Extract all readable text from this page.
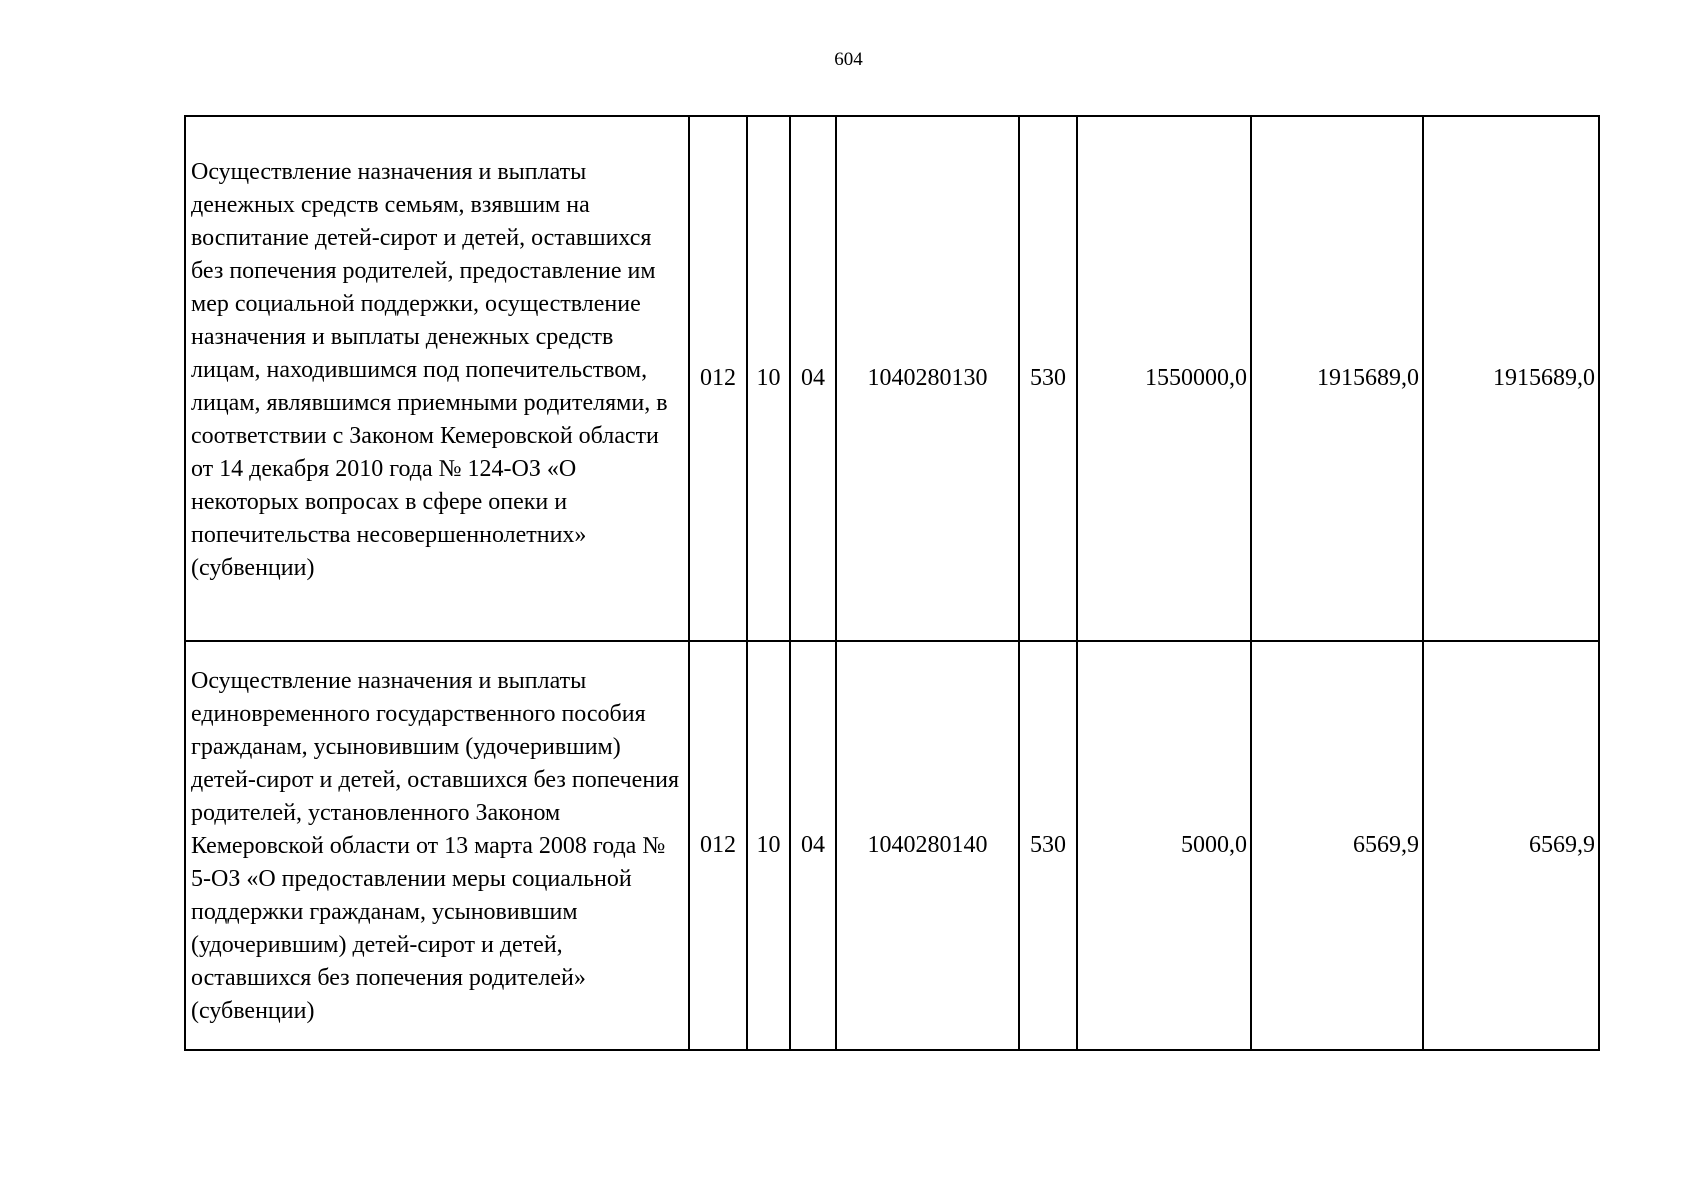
604
Осуществление назначения и выплаты денежных средств семьям, взявшим на воспитание детей-сирот и детей, оставшихся без попечения родителей, предоставление им мер социальной поддержки, осуществление назначения и выплаты денежных средств лицам, находившимся под попечительством, лицам, являвшимся приемными родителями, в соответствии с Законом Кемеровской области от 14 декабря 2010 года № 124-ОЗ «О некоторых вопросах в сфере опеки и попечительства несовершеннолетних» (субвенции)	012	10	04	1040280130	530	1550000,0	1915689,0	1915689,0
Осуществление назначения и выплаты единовременного государственного пособия гражданам, усыновившим (удочерившим) детей-сирот и детей, оставшихся без попечения родителей, установленного Законом Кемеровской области от 13 марта 2008 года № 5-ОЗ «О предоставлении меры социальной поддержки гражданам, усыновившим (удочерившим) детей-сирот и детей, оставшихся без попечения родителей» (субвенции)	012	10	04	1040280140	530	5000,0	6569,9	6569,9
